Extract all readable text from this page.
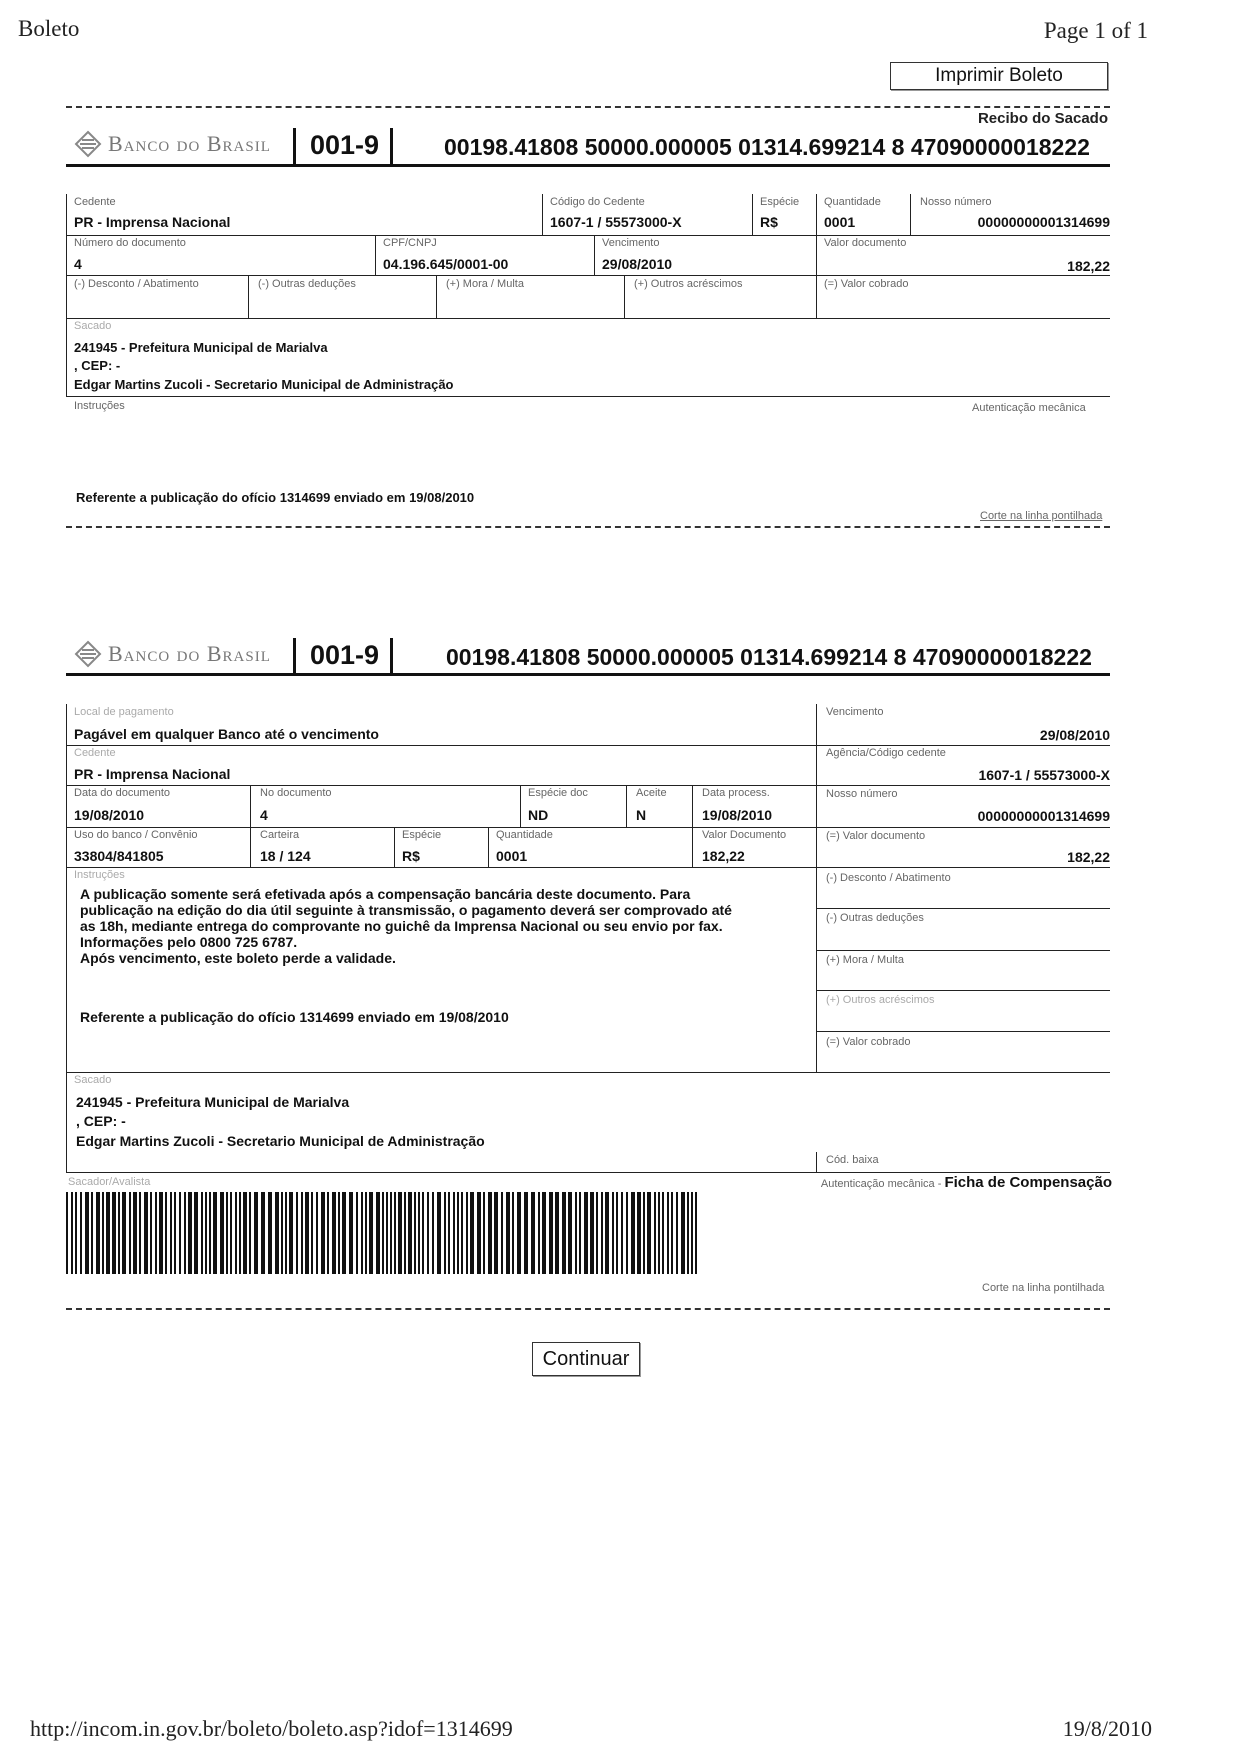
Boleto	Page 1 of 1
Imprimir Boleto
Recibo do Sacado
Banco do Brasil 001-9	00198.41808 50000.000005 01314.699214 8 47090000018222
Cedente
PR - Imprensa Nacional
Código do Cedente
1607-1 / 55573000-X
Espécie
R$
Quantidade
0001
Nosso número
00000000001314699
Número do documento
4
CPF/CNPJ
04.196.645/0001-00
Vencimento
29/08/2010
Valor documento
182,22
(-) Desconto / Abatimento	(-) Outras deduções	(+) Mora / Multa	(+) Outros acréscimos	(=) Valor cobrado
Sacado
241945 - Prefeitura Municipal de Marialva
, CEP: -
Edgar Martins Zucoli - Secretario Municipal de Administração
Instruções	Autenticação mecânica
Referente a publicação do ofício 1314699 enviado em 19/08/2010
Corte na linha pontilhada
Banco do Brasil 001-9	00198.41808 50000.000005 01314.699214 8 47090000018222
Local de pagamento
Pagável em qualquer Banco até o vencimento
Vencimento
29/08/2010
Cedente
PR - Imprensa Nacional
Agência/Código cedente
1607-1 / 55573000-X
Data do documento
19/08/2010
No documento
4
Espécie doc
ND
Aceite
N
Data process.
19/08/2010
Nosso número
00000000001314699
Uso do banco / Convênio
33804/841805
Carteira
18 / 124
Espécie
R$
Quantidade
0001
Valor Documento
182,22
(=) Valor documento
182,22
Instruções
A publicação somente será efetivada após a compensação bancária deste documento. Para
publicação na edição do dia útil seguinte à transmissão, o pagamento deverá ser comprovado até
as 18h, mediante entrega do comprovante no guichê da Imprensa Nacional ou seu envio por fax.
Informações pelo 0800 725 6787.
Após vencimento, este boleto perde a validade.
Referente a publicação do ofício 1314699 enviado em 19/08/2010
(-) Desconto / Abatimento
(-) Outras deduções
(+) Mora / Multa
(+) Outros acréscimos
(=) Valor cobrado
Sacado
241945 - Prefeitura Municipal de Marialva
, CEP: -
Edgar Martins Zucoli - Secretario Municipal de Administração
Cód. baixa
Sacador/Avalista	Autenticação mecânica - Ficha de Compensação
Corte na linha pontilhada
Continuar
http://incom.in.gov.br/boleto/boleto.asp?idof=1314699	19/8/2010
